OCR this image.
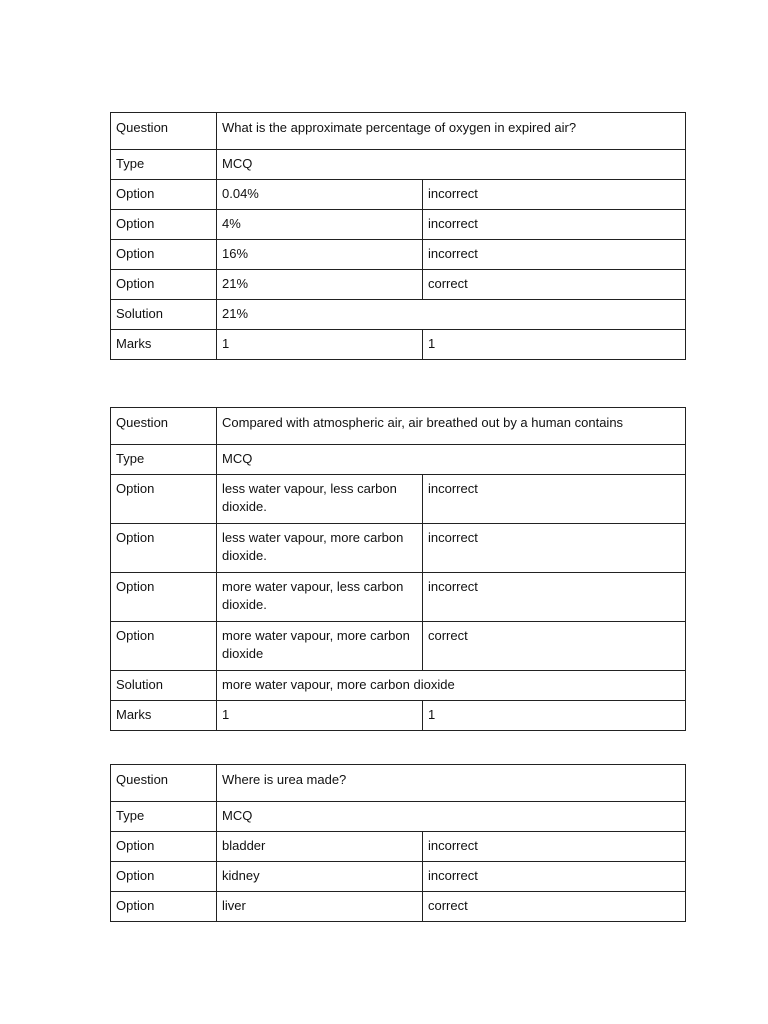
Question	What is the approximate percentage of oxygen in expired air?	
Type	MCQ	
Option	0.04%	incorrect
Option	4%	incorrect
Option	16%	incorrect
Option	21%	correct
Solution	21%	
Marks	1	1
Question	Compared with atmospheric air, air breathed out by a human contains	
Type	MCQ	
Option	less water vapour, less carbon dioxide.	incorrect
Option	less water vapour, more carbon dioxide.	incorrect
Option	more water vapour, less carbon dioxide.	incorrect
Option	more water vapour, more carbon dioxide	correct
Solution	more water vapour, more carbon dioxide	
Marks	1	1
Question	Where is urea made?	
Type	MCQ	
Option	bladder	incorrect
Option	kidney	incorrect
Option	liver	correct
